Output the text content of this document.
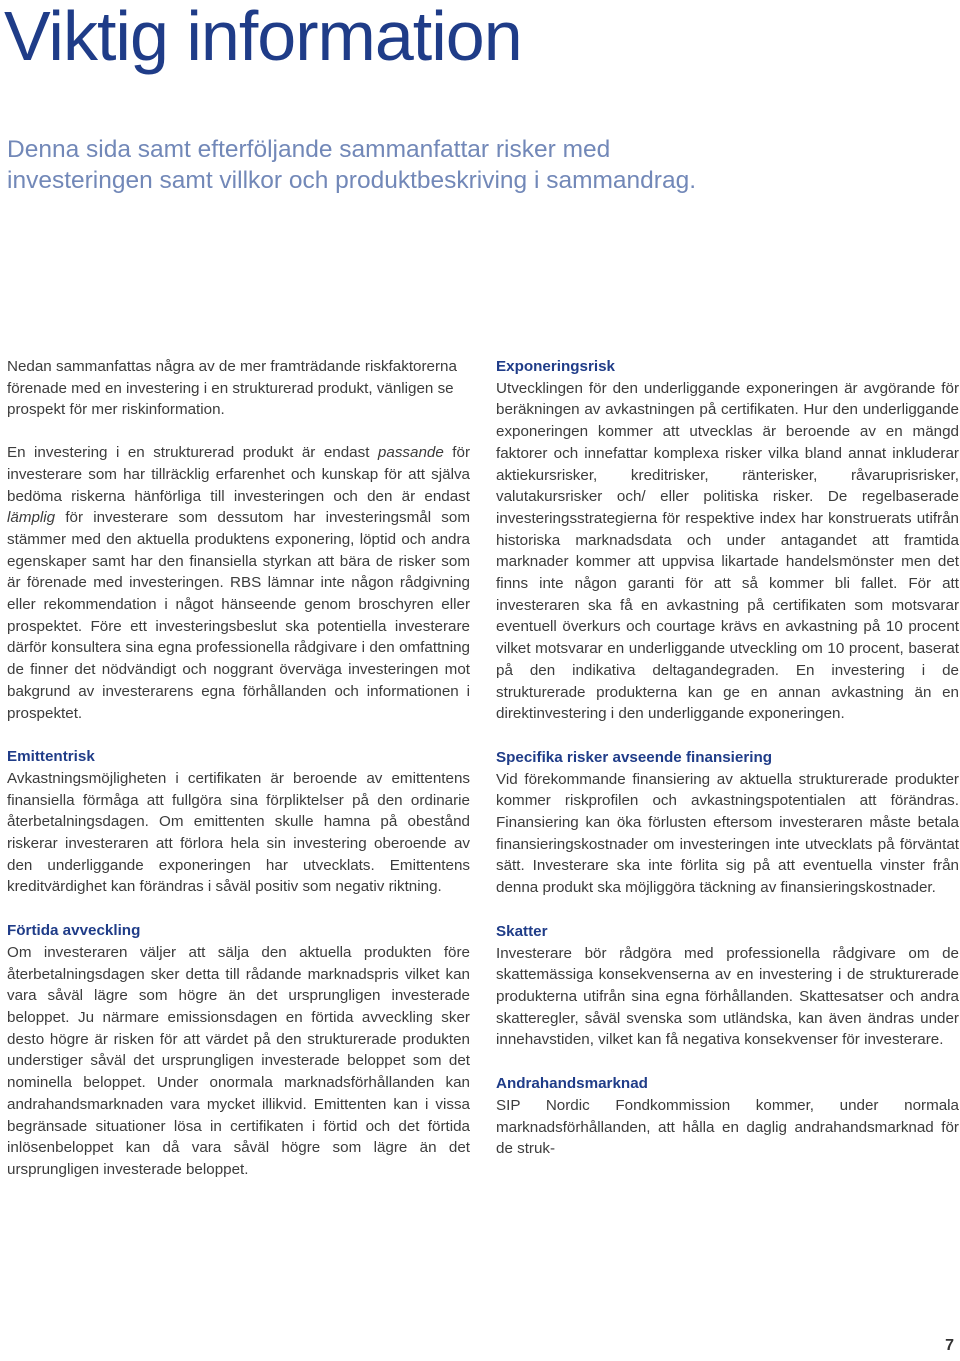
Viktig information
Denna sida samt efterföljande sammanfattar risker med investeringen samt villkor och produktbeskriving i sammandrag.

Nedan sammanfattas några av de mer framträdande riskfaktorerna förenade med en investering i en strukturerad produkt, vänligen se prospekt för mer riskinformation.

En investering i en strukturerad produkt är endast passande för investerare som har tillräcklig erfarenhet och kunskap för att själva bedöma riskerna hänförliga till investeringen och den är endast lämplig för investerare som dessutom har investeringsmål som stämmer med den aktuella produktens exponering, löptid och andra egenskaper samt har den finansiella styrkan att bära de risker som är förenade med investeringen. RBS lämnar inte någon rådgivning eller rekommendation i något hänseende genom broschyren eller prospektet. Före ett investeringsbeslut ska potentiella investerare därför konsultera sina egna professionella rådgivare i den omfattning de finner det nödvändigt och noggrant överväga investeringen mot bakgrund av investerarens egna förhållanden och informationen i prospektet.

Emittentrisk

Avkastningsmöjligheten i certifikaten är beroende av emittentens finansiella förmåga att fullgöra sina förpliktelser på den ordinarie återbetalningsdagen. Om emittenten skulle hamna på obestånd riskerar investeraren att förlora hela sin investering oberoende av den underliggande exponeringen har utvecklats. Emittentens kreditvärdighet kan förändras i såväl positiv som negativ riktning.

Förtida avveckling

Om investeraren väljer att sälja den aktuella produkten före återbetalningsdagen sker detta till rådande marknadspris vilket kan vara såväl lägre som högre än det ursprungligen investerade beloppet. Ju närmare emissionsdagen en förtida avveckling sker desto högre är risken för att värdet på den strukturerade produkten understiger såväl det ursprungligen investerade beloppet som det nominella beloppet. Under onormala marknadsförhållanden kan andrahandsmarknaden vara mycket illikvid. Emittenten kan i vissa begränsade situationer lösa in certifikaten i förtid och det förtida inlösenbeloppet kan då vara såväl högre som lägre än det ursprungligen investerade beloppet.

Exponeringsrisk

Utvecklingen för den underliggande exponeringen är avgörande för beräkningen av avkastningen på certifikaten. Hur den underliggande exponeringen kommer att utvecklas är beroende av en mängd faktorer och innefattar komplexa risker vilka bland annat inkluderar aktiekursrisker, kreditrisker, ränterisker, råvaruprisrisker, valutakursrisker och/ eller politiska risker. De regelbaserade investeringsstrategierna för respektive index har konstruerats utifrån historiska marknadsdata och under antagandet att framtida marknader kommer att uppvisa likartade handelsmönster men det finns inte någon garanti för att så kommer bli fallet. För att investeraren ska få en avkastning på certifikaten som motsvarar eventuell överkurs och courtage krävs en avkastning på 10 procent vilket motsvarar en underliggande utveckling om 10 procent, baserat på den indikativa deltagandegraden. En investering i de strukturerade produkterna kan ge en annan avkastning än en direktinvestering i den underliggande exponeringen.

Specifika risker avseende finansiering

Vid förekommande finansiering av aktuella strukturerade produkter kommer riskprofilen och avkastningspotentialen att förändras. Finansiering kan öka förlusten eftersom investeraren måste betala finansieringskostnader om investeringen inte utvecklats på förväntat sätt. Investerare ska inte förlita sig på att eventuella vinster från denna produkt ska möjliggöra täckning av finansieringskostnader.

Skatter

Investerare bör rådgöra med professionella rådgivare om de skattemässiga konsekvenserna av en investering i de strukturerade produkterna utifrån sina egna förhållanden. Skattesatser och andra skatteregler, såväl svenska som utländska, kan även ändras under innehavstiden, vilket kan få negativa konsekvenser för investerare.

Andrahandsmarknad

SIP Nordic Fondkommission kommer, under normala marknadsförhållanden, att hålla en daglig andrahandsmarknad för de struk-

7
